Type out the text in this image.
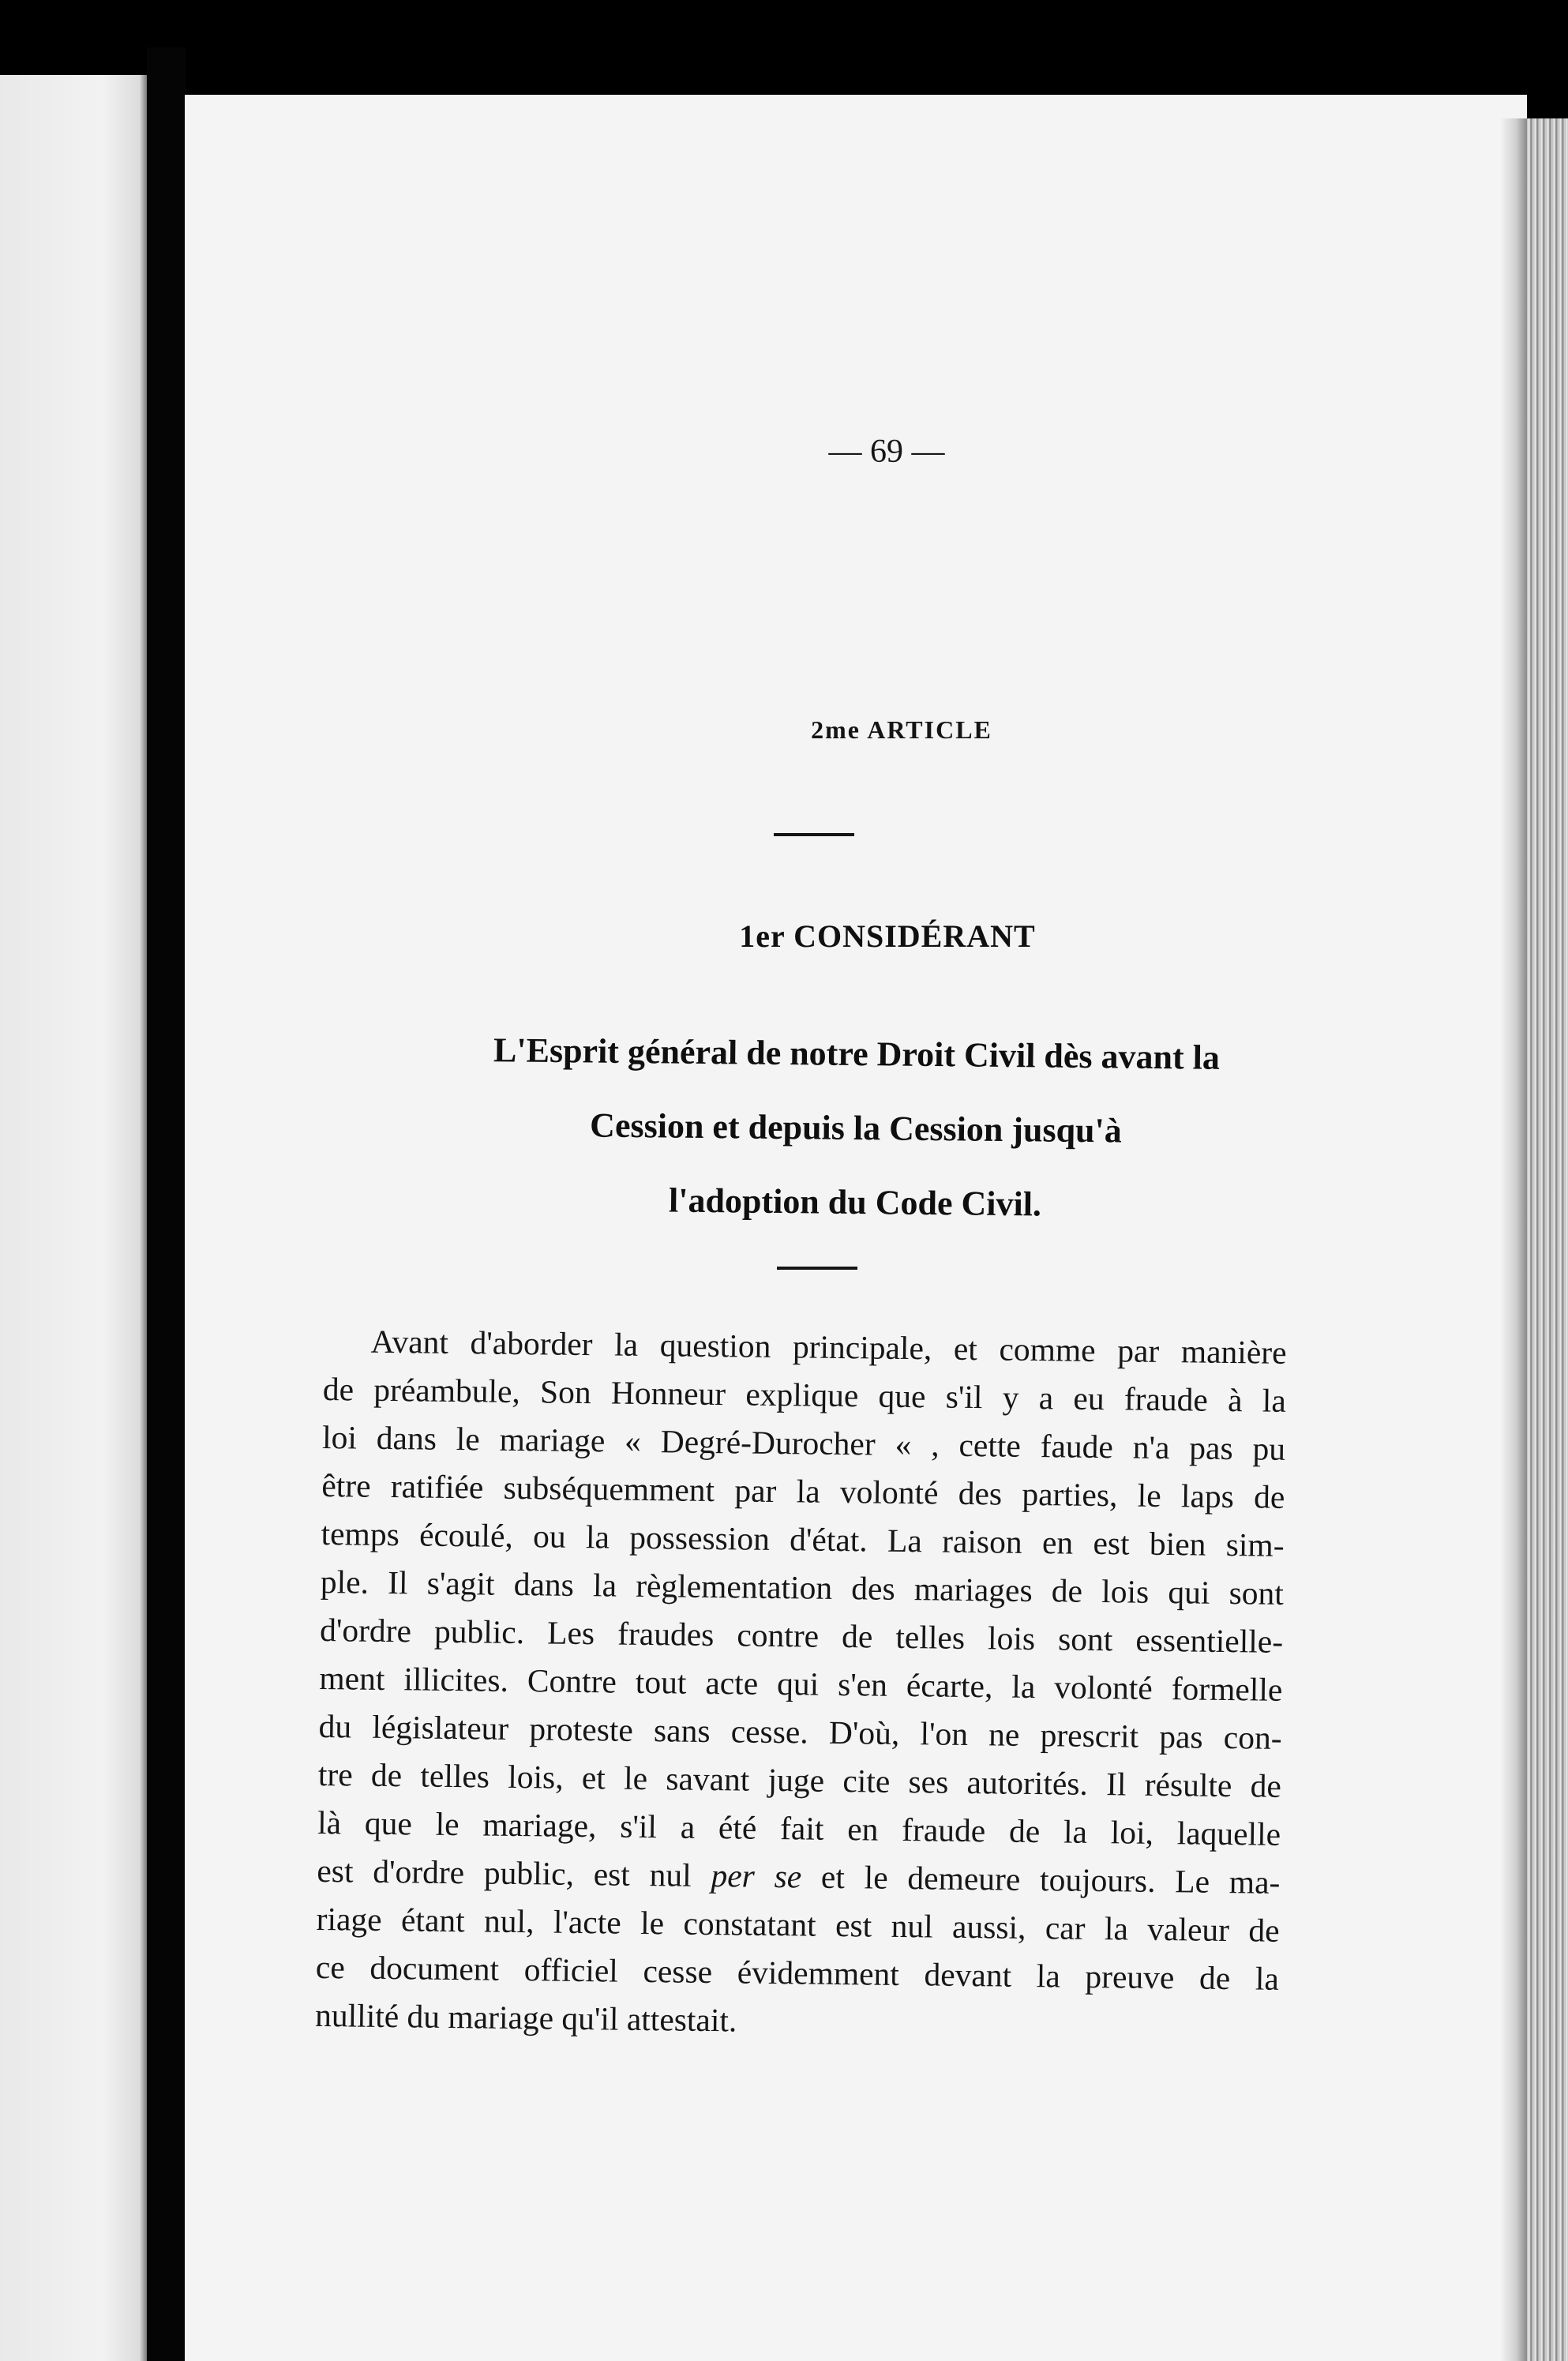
— 69 —
2me ARTICLE
1er CONSIDÉRANT
L'Esprit général de notre Droit Civil dès avant la
Cession et depuis la Cession jusqu'à
l'adoption du Code Civil.
Avant d'aborder la question principale, et comme par manière
de préambule, Son Honneur explique que s'il y a eu fraude à la
loi dans le mariage « Degré-Durocher « , cette faude n'a pas pu
être ratifiée subséquemment par la volonté des parties, le laps de
temps écoulé, ou la possession d'état. La raison en est bien sim-
ple. Il s'agit dans la règlementation des mariages de lois qui sont
d'ordre public. Les fraudes contre de telles lois sont essentielle-
ment illicites. Contre tout acte qui s'en écarte, la volonté formelle
du législateur proteste sans cesse. D'où, l'on ne prescrit pas con-
tre de telles lois, et le savant juge cite ses autorités. Il résulte de
là que le mariage, s'il a été fait en fraude de la loi, laquelle
est d'ordre public, est nul per se et le demeure toujours. Le ma-
riage étant nul, l'acte le constatant est nul aussi, car la valeur de
ce document officiel cesse évidemment devant la preuve de la
nullité du mariage qu'il attestait.
